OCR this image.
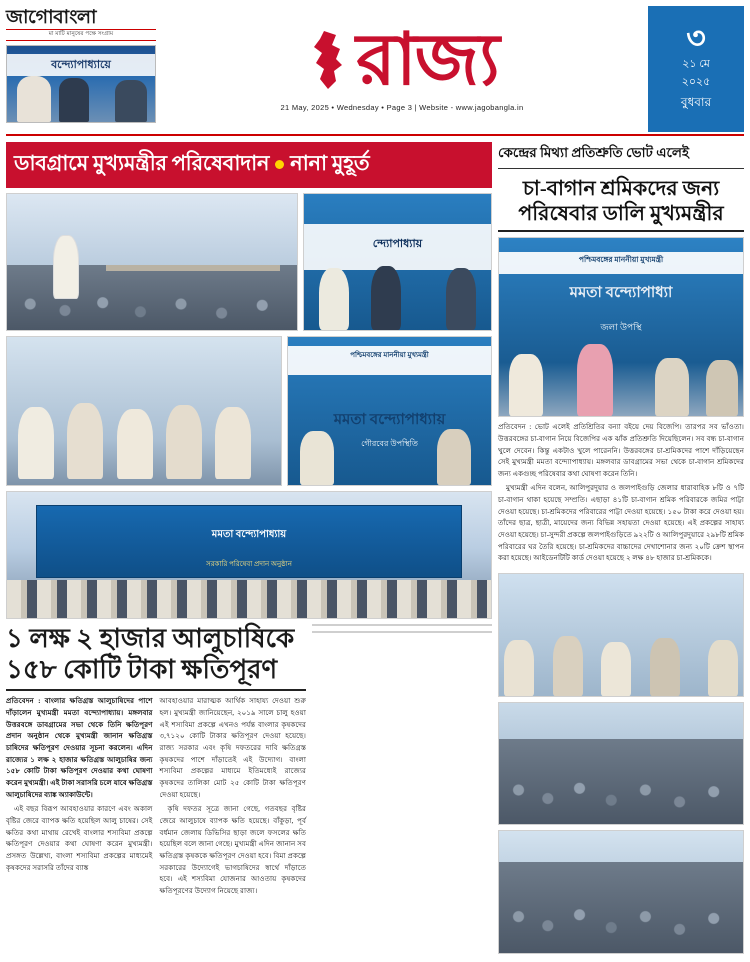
জাগোবাংলা
মা মাটি মানুষের পক্ষে সংগ্রাম
বন্দ্যোপাধ্যায়ে	রাজ্য
21 May, 2025 • Wednesday • Page 3 | Website - www.jagobangla.in
৩
২১ মে
২০২৫
বুধবার
ডাবগ্রামে মুখ্যমন্ত্রীর পরিষেবাদান নানা মুহূর্ত
ন্দ্যোপাধ্যায়
পশ্চিমবঙ্গের মাননীয়া মুখ্যমন্ত্রী
মমতা বন্দ্যোপাধ্যায়
গৌরবের উপস্থিতি
মমতা বন্দ্যোপাধ্যায়
সরকারি পরিষেবা প্রদান অনুষ্ঠান
১ লক্ষ ২ হাজার আলুচাষিকে ১৫৮ কোটি টাকা ক্ষতিপূরণ

প্রতিবেদন : বাংলার ক্ষতিগ্রস্ত আলুচাষিদের পাশে দাঁড়ালেন মুখ্যমন্ত্রী মমতা বন্দ্যোপাধ্যায়। মঙ্গলবার উত্তরবঙ্গে ডাবগ্রামের সভা থেকে তিনি ক্ষতিপূরণ প্রদান অনুষ্ঠান থেকে মুখ্যমন্ত্রী জানান ক্ষতিগ্রস্ত চাষিদের ক্ষতিপূরণ দেওয়ার সূচনা করলেন। এদিন রাজ্যের ১ লক্ষ ২ হাজার ক্ষতিগ্রস্ত আলুচাষির জন্য ১৫৮ কোটি টাকা ক্ষতিপূরণ দেওয়ার কথা ঘোষণা করেন মুখ্যমন্ত্রী। এই টাকা সরাসরি চলে যাবে ক্ষতিগ্রস্ত আলুচাষিদের ব্যাঙ্ক অ্যাকাউন্টে।

এই বছর বিরূপ আবহাওয়ার কারণে এবং অকাল বৃষ্টির জেরে ব্যাপক ক্ষতি হয়েছিল আলু চাষের। সেই ক্ষতির কথা মাথায় রেখেই বাংলার শস্যবিমা প্রকল্পে ক্ষতিপূরণ দেওয়ার কথা ঘোষণা করেন মুখ্যমন্ত্রী। প্রসঙ্গত উল্লেখ্য, বাংলা শস্যবিমা প্রকল্পের মাধ্যমেই কৃষকদের সরাসরি তাঁদের ব্যাঙ্ক

আবহাওয়ার মারাত্মক আর্থিক সাহায্য দেওয়া শুরু হল। মুখ্যমন্ত্রী জানিয়েছেন, ২০১৯ সালে চালু হওয়া এই শস্যবিমা প্রকল্পে এখনও পর্যন্ত বাংলার কৃষকদের ৩,৭১২০ কোটি টাকার ক্ষতিপূরণ দেওয়া হয়েছে। রাজ্য সরকার এবং কৃষি দফতরের দাবি ক্ষতিগ্রস্ত কৃষকদের পাশে দাঁড়াতেই এই উদ্যোগ। বাংলা শস্যবিমা প্রকল্পের মাধ্যমে ইতিমধ্যেই রাজ্যের কৃষকদের তালিকা মোট ২৫ কোটি টাকা ক্ষতিপূরণ দেওয়া হয়েছে।

কৃষি দফতর সূত্রে জানা গেছে, গতবছর বৃষ্টির জেরে আলুচাষে ব্যাপক ক্ষতি হয়েছে। বাঁকুড়া, পূর্ব বর্ধমান জেলায় ডিভিসির ছাড়া জলে ফসলের ক্ষতি হয়েছিল বলে জানা গেছে। মুখ্যমন্ত্রী এদিন জানান সব ক্ষতিগ্রস্ত কৃষককে ক্ষতিপূরণ দেওয়া হবে। বিমা প্রকল্পে সরকারের উদ্যোগেই ভাগচাষিদের স্বার্থে দাঁড়াতে হবে। এই শস্যবিমা যোজনার আওতায় কৃষকদের ক্ষতিপূরণের উদ্যোগ নিয়েছে রাজ্য।

কেন্দ্রের মিথ্যা প্রতিশ্রুতি ভোট এলেই
চা-বাগান শ্রমিকদের জন্য পরিষেবার ডালি মুখ্যমন্ত্রীর
পশ্চিমবঙ্গের মাননীয়া মুখ্যমন্ত্রী
মমতা বন্দ্যোপাধ্যা
জলা উপস্থি

প্রতিবেদন : ভোট এলেই প্রতিশ্রিতির বন্যা বইয়ে দেয় বিজেপি। তারপর সব ভাঁওতা। উত্তরবঙ্গের চা-বাগান নিয়ে বিজেপির এক ঝাঁক প্রতিশ্রুতি দিয়েছিলেন। সব বন্ধ চা-বাগান খুলে দেবেন। কিন্তু একটাও খুলে পারেননি। উত্তরবঙ্গের চা-শ্রমিকদের পাশে দাঁড়িয়েছেন সেই মুখ্যমন্ত্রী মমতা বন্দ্যোপাধ্যায়। মঙ্গলবার ডাবগ্রামের সভা থেকে চা-বাগান শ্রমিকদের জন্য একগুচ্ছ পরিষেবার কথা ঘোষণা করেন তিনি।

মুখ্যমন্ত্রী এদিন বলেন, আলিপুরদুয়ার ও জলপাইগুড়ি জেলার ধারাবাহিক ৮টি ও ৭টি চা-বাগান থাকা হয়েছে সম্প্রতি। এছাড়া ৪১টি চা-বাগান শ্রমিক পরিবারকে জমির পাট্টা দেওয়া হয়েছে। চা-শ্রমিকদের পরিবারের পাট্টা দেওয়া হয়েছে। ১৫০ টাকা করে দেওয়া হয়। তাঁদের ছাত্র, ছাত্রী, মায়েদের জন্য বিভিন্ন সহায়তা দেওয়া হয়েছে। এই প্রকল্পের সাহায্য দেওয়া হয়েছে। চা-সুন্দরী প্রকল্পে জলপাইগুড়িতে ৯২২টি ও আলিপুরদুয়ারে ২৯৮টি শ্রমিক পরিবারের ঘর তৈরি হয়েছে। চা-শ্রমিকদের বাচ্চাদের দেখাশোনার জন্য ২০টি ক্রেশ স্থাপন করা হয়েছে। আইডেনটিটি কার্ড দেওয়া হয়েছে ২ লক্ষ ৪৮ হাজার চা-শ্রমিককে।
